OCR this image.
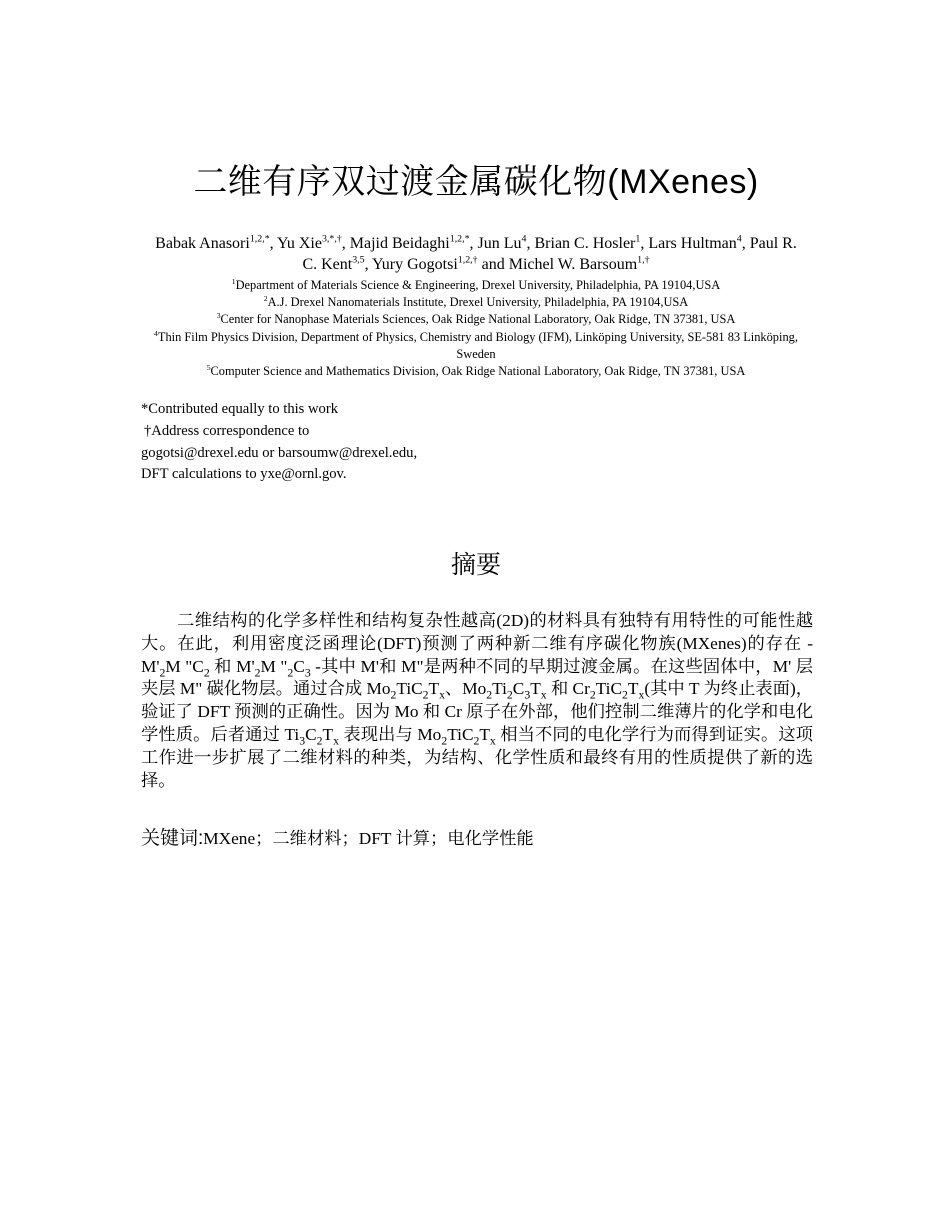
二维有序双过渡金属碳化物(MXenes)
Babak Anasori$^{1,2,*}$, Yu Xie$^{3,*,\dagger}$, Majid Beidaghi$^{1,2,*}$, Jun Lu$^4$, Brian C. Hosler$^1$, Lars Hultman$^4$, Paul R. C. Kent$^{3,5}$, Yury Gogotsi$^{1,2,\dagger}$ and Michel W. Barsoum$^{1,\dagger}$
$^1$Department of Materials Science & Engineering, Drexel University, Philadelphia, PA 19104,USA
$^2$A.J. Drexel Nanomaterials Institute, Drexel University, Philadelphia, PA 19104,USA
$^3$Center for Nanophase Materials Sciences, Oak Ridge National Laboratory, Oak Ridge, TN 37381, USA
$^4$Thin Film Physics Division, Department of Physics, Chemistry and Biology (IFM), Linköping University, SE-581 83 Linköping, Sweden
$^5$Computer Science and Mathematics Division, Oak Ridge National Laboratory, Oak Ridge, TN 37381, USA

*Contributed equally to this work

†Address correspondence to

gogotsi@drexel.edu or barsoumw@drexel.edu,

DFT calculations to yxe@ornl.gov.

摘要

二维结构的化学多样性和结构复杂性越高(2D)的材料具有独特有用特性的可能性越大。在此，利用密度泛函理论(DFT)预测了两种新二维有序碳化物族(MXenes)的存在 - $M'_2M$ "$C_2$ 和 $M'_2M$ "$_2C_3$ -其中 M'和 M"是两种不同的早期过渡金属。在这些固体中，M' 层夹层 M" 碳化物层。通过合成 $Mo_2TiC_2T_x$、$Mo_2Ti_2C_3T_x$ 和 $Cr_2TiC_2T_x$(其中 T 为终止表面)，验证了 DFT 预测的正确性。因为 Mo 和 Cr 原子在外部，他们控制二维薄片的化学和电化学性质。后者通过 $Ti_3C_2T_x$ 表现出与 $Mo_2TiC_2T_x$ 相当不同的电化学行为而得到证实。这项工作进一步扩展了二维材料的种类，为结构、化学性质和最终有用的性质提供了新的选择。

关键词:MXene；二维材料；DFT 计算；电化学性能
